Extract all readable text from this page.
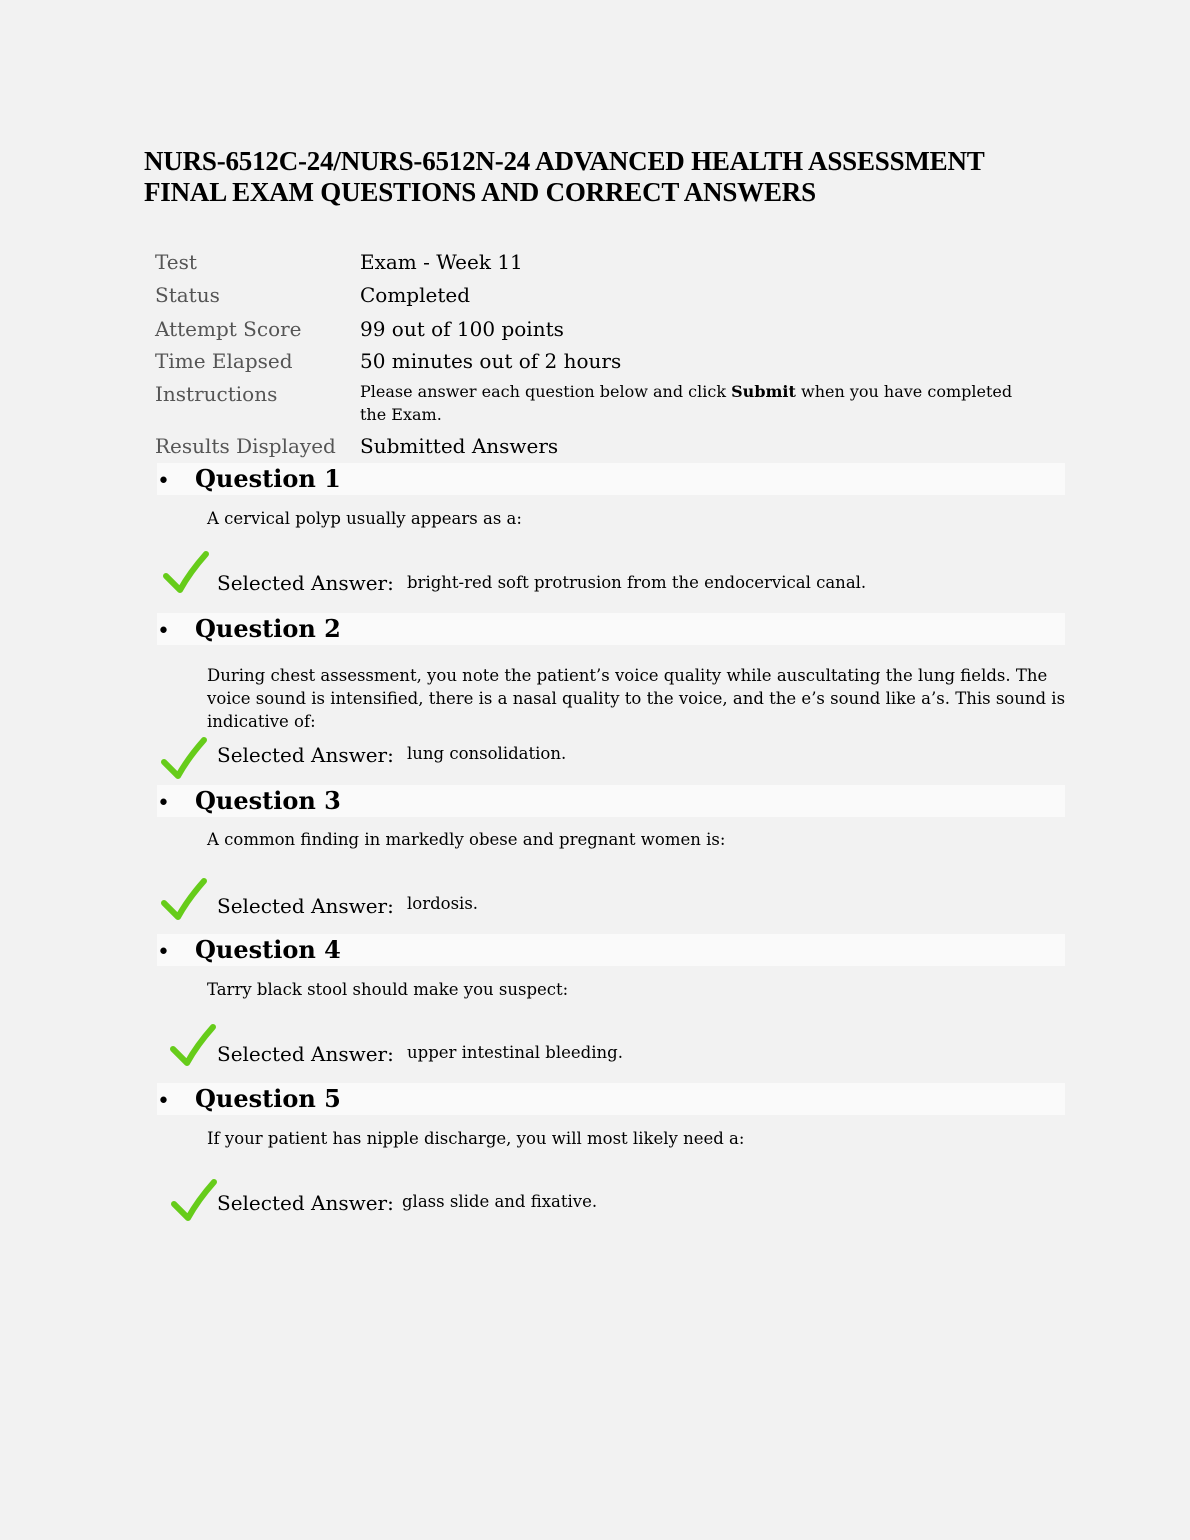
NURS-6512C-24/NURS-6512N-24 ADVANCED HEALTH ASSESSMENT
FINAL EXAM QUESTIONS AND CORRECT ANSWERS
Test	Exam - Week 11
Status	Completed
Attempt Score	99 out of 100 points
Time Elapsed	50 minutes out of 2 hours
Instructions	Please answer each question below and click Submit when you have completed the Exam.
Results Displayed Submitted Answers
• Question 1
A cervical polyp usually appears as a:
Selected Answer: bright-red soft protrusion from the endocervical canal.
• Question 2
During chest assessment, you note the patient’s voice quality while auscultating the lung fields. The voice sound is intensified, there is a nasal quality to the voice, and the e’s sound like a’s. This sound is indicative of:
Selected Answer: lung consolidation.
• Question 3
A common finding in markedly obese and pregnant women is:
Selected Answer: lordosis.
• Question 4
Tarry black stool should make you suspect:
Selected Answer: upper intestinal bleeding.
• Question 5
If your patient has nipple discharge, you will most likely need a:
Selected Answer: glass slide and fixative.
